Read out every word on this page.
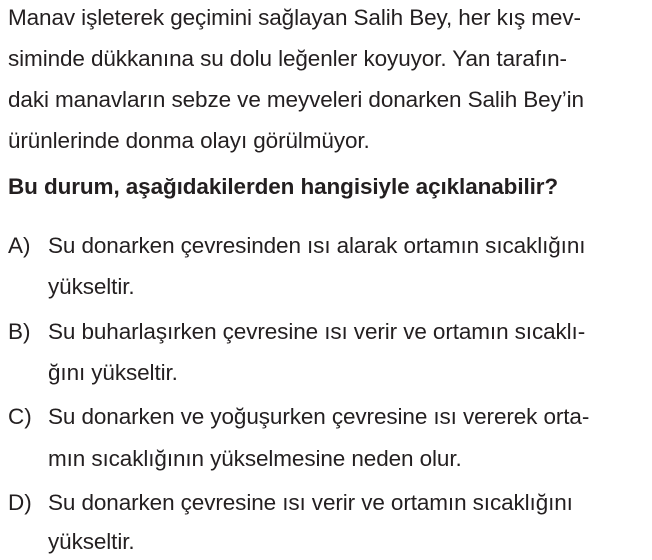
Manav işleterek geçimini sağlayan Salih Bey, her kış mev-
siminde dükkanına su dolu leğenler koyuyor. Yan tarafın-
daki manavların sebze ve meyveleri donarken Salih Bey’in
ürünlerinde donma olayı görülmüyor.
Bu durum, aşağıdakilerden hangisiyle açıklanabilir?
A) Su donarken çevresinden ısı alarak ortamın sıcaklığını
yükseltir.
B) Su buharlaşırken çevresine ısı verir ve ortamın sıcaklı-
ğını yükseltir.
C) Su donarken ve yoğuşurken çevresine ısı vererek orta-
mın sıcaklığının yükselmesine neden olur.
D) Su donarken çevresine ısı verir ve ortamın sıcaklığını
yükseltir.
